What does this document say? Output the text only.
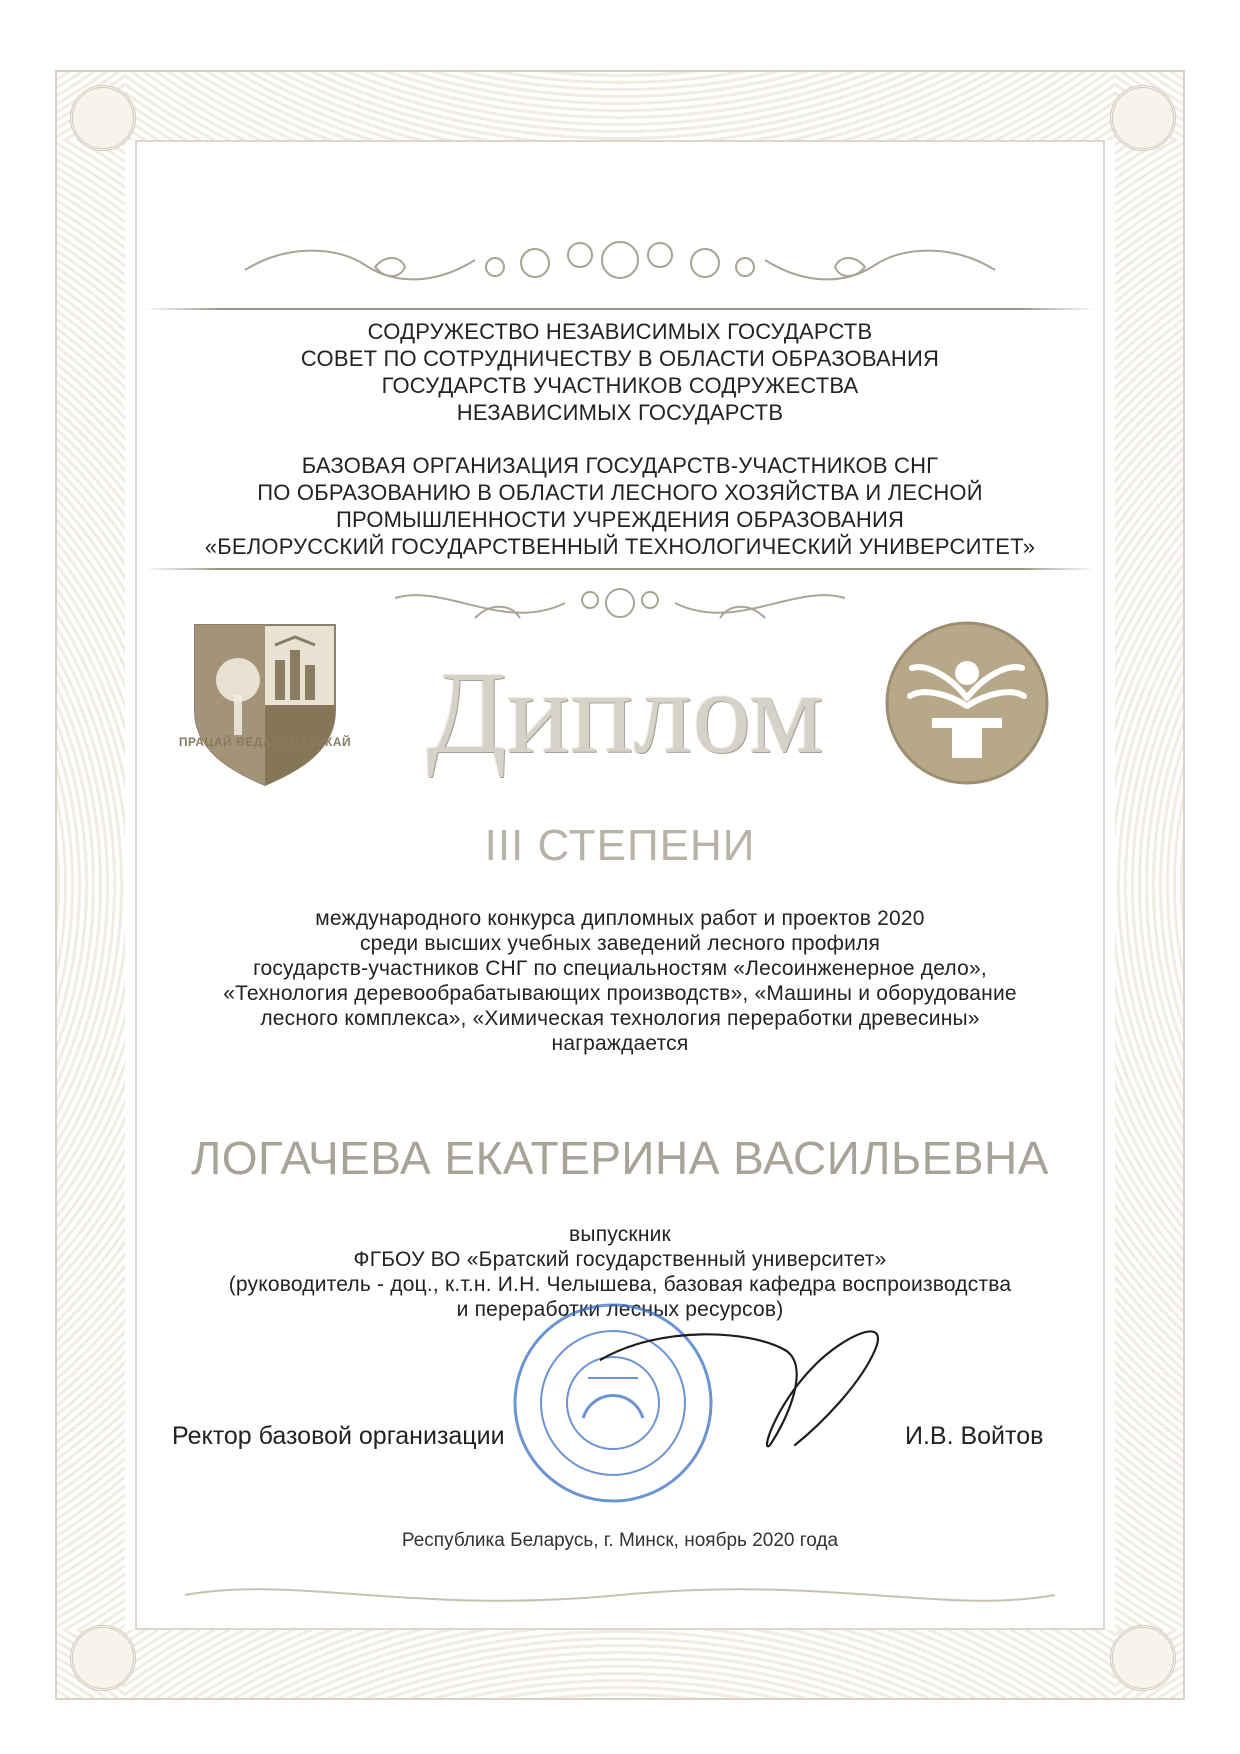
СОДРУЖЕСТВО НЕЗАВИСИМЫХ ГОСУДАРСТВ
СОВЕТ ПО СОТРУДНИЧЕСТВУ В ОБЛАСТИ ОБРАЗОВАНИЯ
ГОСУДАРСТВ УЧАСТНИКОВ СОДРУЖЕСТВА
НЕЗАВИСИМЫХ ГОСУДАРСТВ
БАЗОВАЯ ОРГАНИЗАЦИЯ ГОСУДАРСТВ-УЧАСТНИКОВ СНГ
ПО ОБРАЗОВАНИЮ В ОБЛАСТИ ЛЕСНОГО ХОЗЯЙСТВА И ЛЕСНОЙ
ПРОМЫШЛЕННОСТИ УЧРЕЖДЕНИЯ ОБРАЗОВАНИЯ
«БЕЛОРУССКИЙ ГОСУДАРСТВЕННЫЙ ТЕХНОЛОГИЧЕСКИЙ УНИВЕРСИТЕТ»
ПРАЦАЙ ВЕДАМІ НАВУКАЙ Диплом
III СТЕПЕНИ
международного конкурса дипломных работ и проектов 2020
среди высших учебных заведений лесного профиля
государств-участников СНГ по специальностям «Лесоинженерное дело»,
«Технология деревообрабатывающих производств», «Машины и оборудование
лесного комплекса», «Химическая технология переработки древесины»
награждается
ЛОГАЧЕВА ЕКАТЕРИНА ВАСИЛЬЕВНА
выпускник
ФГБОУ ВО «Братский государственный университет»
(руководитель - доц., к.т.н. И.Н. Челышева, базовая кафедра воспроизводства
и переработки лесных ресурсов)
Ректор базовой организации	И.В. Войтов
Республика Беларусь, г. Минск, ноябрь 2020 года
